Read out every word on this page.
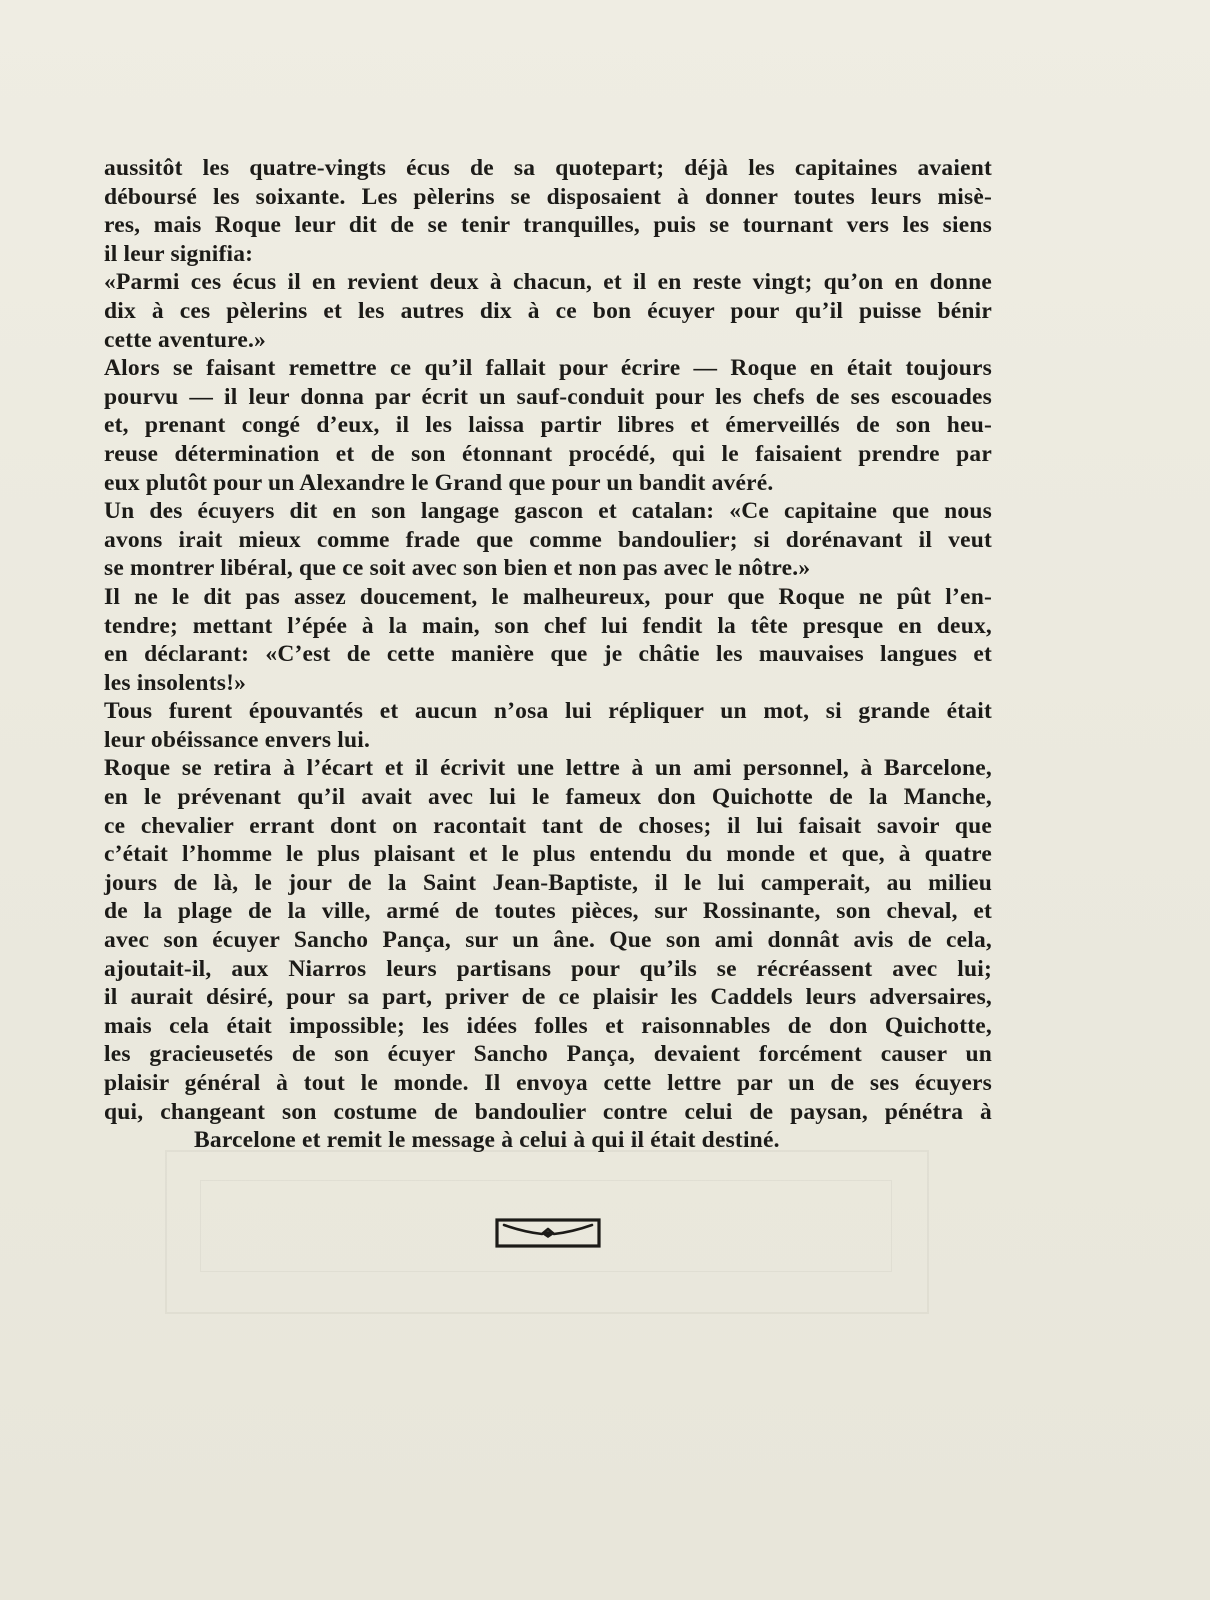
aussitôt les quatre-vingts écus de sa quotepart; déjà les capitaines avaient
déboursé les soixante. Les pèlerins se disposaient à donner toutes leurs misè-
res, mais Roque leur dit de se tenir tranquilles, puis se tournant vers les siens
il leur signifia:
«Parmi ces écus il en revient deux à chacun, et il en reste vingt; qu’on en donne
dix à ces pèlerins et les autres dix à ce bon écuyer pour qu’il puisse bénir
cette aventure.»
Alors se faisant remettre ce qu’il fallait pour écrire — Roque en était toujours
pourvu — il leur donna par écrit un sauf-conduit pour les chefs de ses escouades
et, prenant congé d’eux, il les laissa partir libres et émerveillés de son heu-
reuse détermination et de son étonnant procédé, qui le faisaient prendre par
eux plutôt pour un Alexandre le Grand que pour un bandit avéré.
Un des écuyers dit en son langage gascon et catalan: «Ce capitaine que nous
avons irait mieux comme frade que comme bandoulier; si dorénavant il veut
se montrer libéral, que ce soit avec son bien et non pas avec le nôtre.»
Il ne le dit pas assez doucement, le malheureux, pour que Roque ne pût l’en-
tendre; mettant l’épée à la main, son chef lui fendit la tête presque en deux,
en déclarant: «C’est de cette manière que je châtie les mauvaises langues et
les insolents!»
Tous furent épouvantés et aucun n’osa lui répliquer un mot, si grande était
leur obéissance envers lui.
Roque se retira à l’écart et il écrivit une lettre à un ami personnel, à Barcelone,
en le prévenant qu’il avait avec lui le fameux don Quichotte de la Manche,
ce chevalier errant dont on racontait tant de choses; il lui faisait savoir que
c’était l’homme le plus plaisant et le plus entendu du monde et que, à quatre
jours de là, le jour de la Saint Jean-Baptiste, il le lui camperait, au milieu
de la plage de la ville, armé de toutes pièces, sur Rossinante, son cheval, et
avec son écuyer Sancho Pança, sur un âne. Que son ami donnât avis de cela,
ajoutait-il, aux Niarros leurs partisans pour qu’ils se récréassent avec lui;
il aurait désiré, pour sa part, priver de ce plaisir les Caddels leurs adversaires,
mais cela était impossible; les idées folles et raisonnables de don Quichotte,
les gracieusetés de son écuyer Sancho Pança, devaient forcément causer un
plaisir général à tout le monde. Il envoya cette lettre par un de ses écuyers
qui, changeant son costume de bandoulier contre celui de paysan, pénétra à
Barcelone et remit le message à celui à qui il était destiné.
